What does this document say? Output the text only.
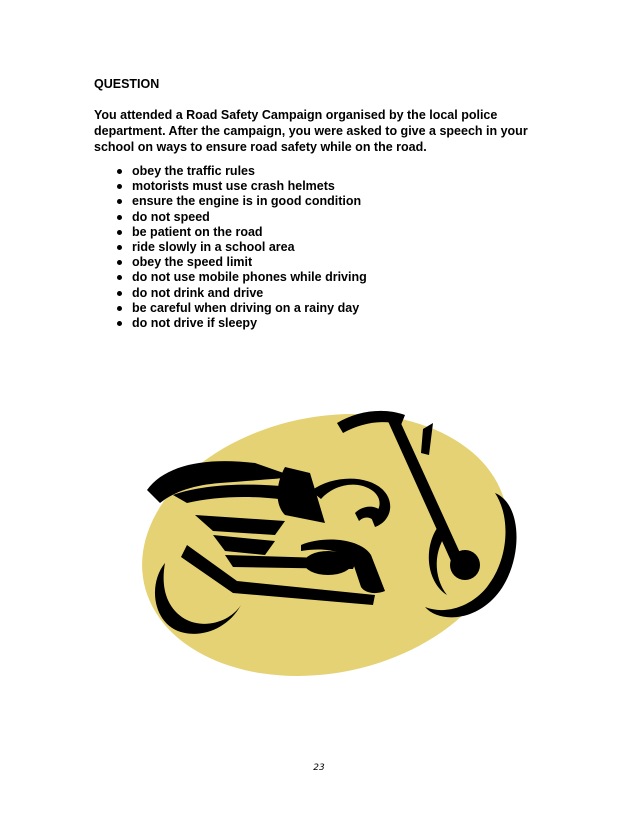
QUESTION

You attended a Road Safety Campaign organised by the local police department. After the campaign, you were asked to give a speech in your school on ways to ensure road safety while on the road.

obey the traffic rules
motorists must use crash helmets
ensure the engine is in good condition
do not speed
be patient on the road
ride slowly in a school area
obey the speed limit
do not use mobile phones while driving
do not drink and drive
be careful when driving on a rainy day
do not drive if sleepy

23
